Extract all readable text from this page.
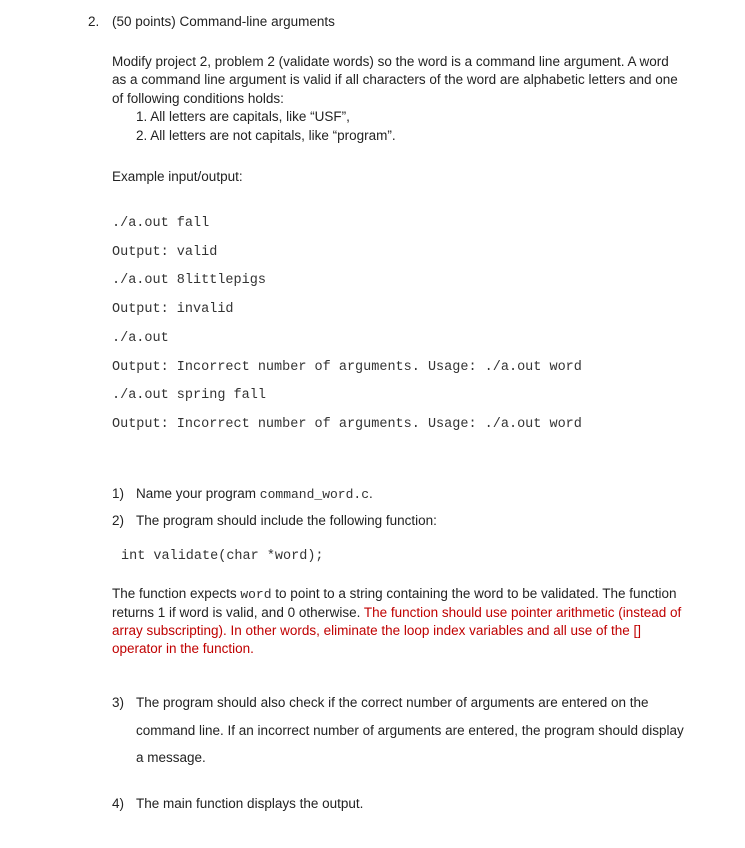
2. (50 points) Command-line arguments
Modify project 2, problem 2 (validate words) so the word is a command line argument. A word
as a command line argument is valid if all characters of the word are alphabetic letters and one
of following conditions holds:
1. All letters are capitals, like “USF”,
2. All letters are not capitals, like “program”.
Example input/output:
./a.out fall
Output: valid
./a.out 8littlepigs
Output: invalid
./a.out
Output: Incorrect number of arguments. Usage: ./a.out word
./a.out spring fall
Output: Incorrect number of arguments. Usage: ./a.out word
1) Name your program command_word.c.
2) The program should include the following function:
int validate(char *word);
The function expects word to point to a string containing the word to be validated. The function
returns 1 if word is valid, and 0 otherwise. The function should use pointer arithmetic (instead of
array subscripting). In other words, eliminate the loop index variables and all use of the []
operator in the function.
3) The program should also check if the correct number of arguments are entered on the
command line. If an incorrect number of arguments are entered, the program should display
a message.
4) The main function displays the output.
